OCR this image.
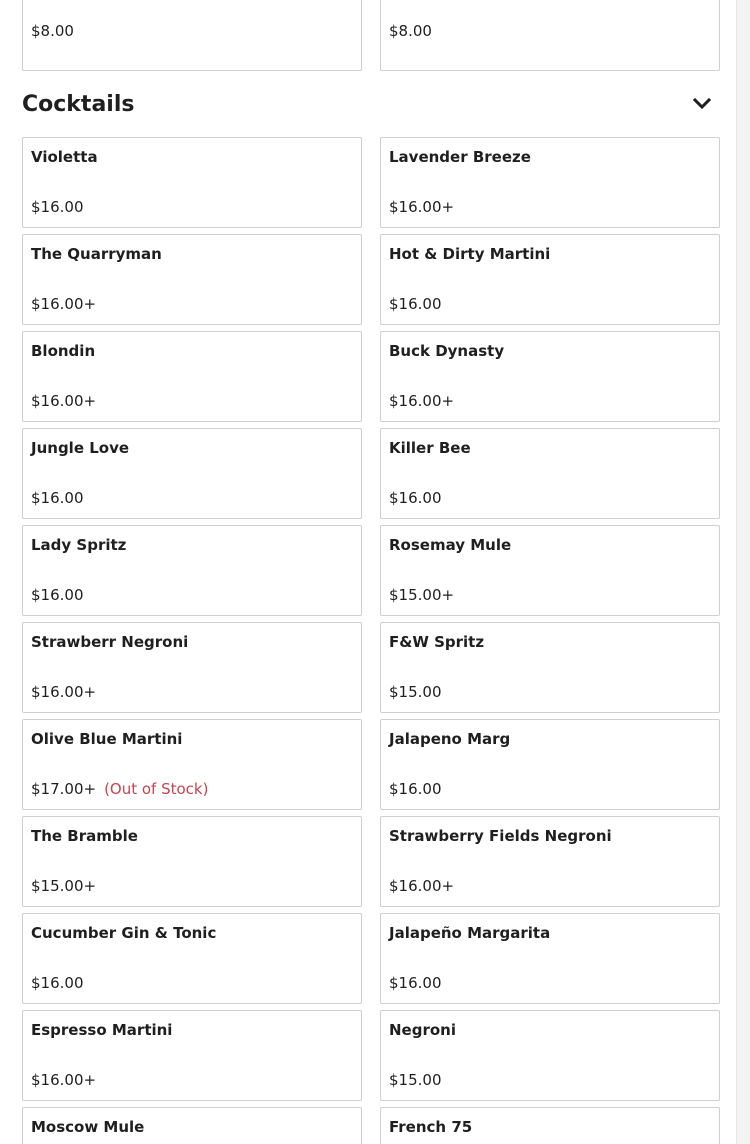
$8.00	$8.00
Cocktails
Violetta
$16.00
Lavender Breeze
$16.00+
The Quarryman
$16.00+
Hot & Dirty Martini
$16.00
Blondin
$16.00+
Buck Dynasty
$16.00+
Jungle Love
$16.00
Killer Bee
$16.00
Lady Spritz
$16.00
Rosemay Mule
$15.00+
Strawberr Negroni
$16.00+
F&W Spritz
$15.00
Olive Blue Martini
$17.00+ (Out of Stock)
Jalapeno Marg
$16.00
The Bramble
$15.00+
Strawberry Fields Negroni
$16.00+
Cucumber Gin & Tonic
$16.00
Jalapeño Margarita
$16.00
Espresso Martini
$16.00+
Negroni
$15.00
Moscow Mule	French 75
